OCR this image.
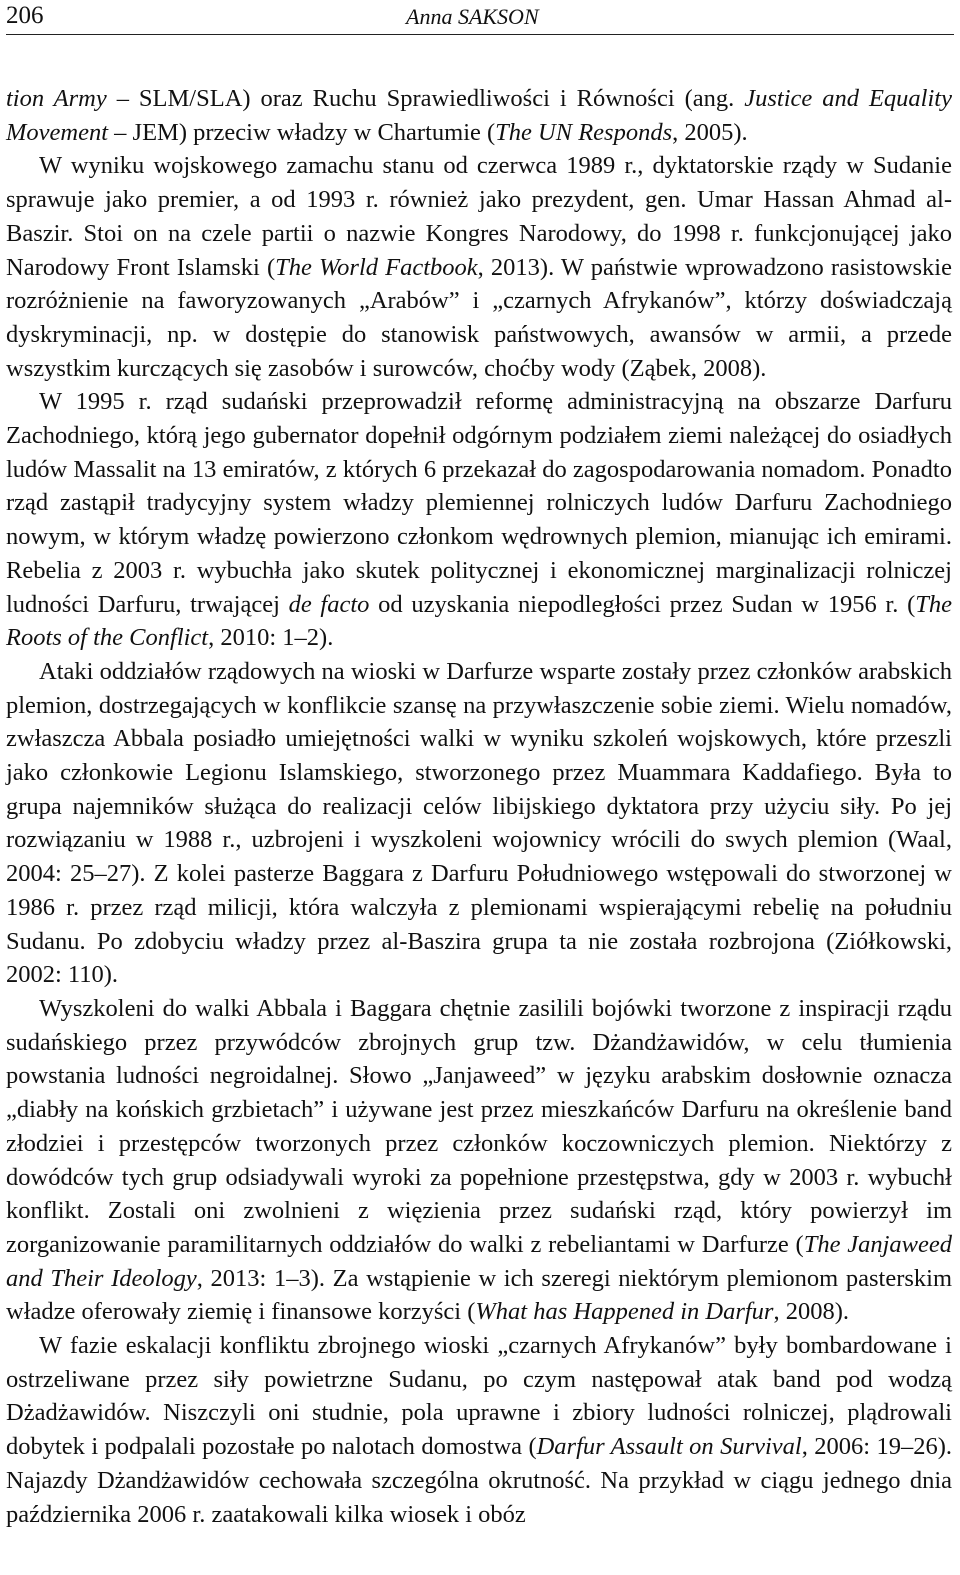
206	Anna SAKSON

tion Army – SLM/SLA) oraz Ruchu Sprawiedliwości i Równości (ang. Justice and Equality Movement – JEM) przeciw władzy w Chartumie (The UN Responds, 2005).

W wyniku wojskowego zamachu stanu od czerwca 1989 r., dyktatorskie rządy w Sudanie sprawuje jako premier, a od 1993 r. również jako prezydent, gen. Umar Hassan Ahmad al-Baszir. Stoi on na czele partii o nazwie Kongres Narodowy, do 1998 r. funkcjonującej jako Narodowy Front Islamski (The World Factbook, 2013). W państwie wprowadzono rasistowskie rozróżnienie na faworyzowanych „Arabów” i „czarnych Afrykanów”, którzy doświadczają dyskryminacji, np. w dostępie do stanowisk państwowych, awansów w armii, a przede wszystkim kurczących się zasobów i surowców, choćby wody (Ząbek, 2008).

W 1995 r. rząd sudański przeprowadził reformę administracyjną na obszarze Darfuru Zachodniego, którą jego gubernator dopełnił odgórnym podziałem ziemi należącej do osiadłych ludów Massalit na 13 emiratów, z których 6 przekazał do zagospodarowania nomadom. Ponadto rząd zastąpił tradycyjny system władzy plemiennej rolniczych ludów Darfuru Zachodniego nowym, w którym władzę powierzono członkom wędrownych plemion, mianując ich emirami. Rebelia z 2003 r. wybuchła jako skutek politycznej i ekonomicznej marginalizacji rolniczej ludności Darfuru, trwającej de facto od uzyskania niepodległości przez Sudan w 1956 r. (The Roots of the Conflict, 2010: 1–2).

Ataki oddziałów rządowych na wioski w Darfurze wsparte zostały przez członków arabskich plemion, dostrzegających w konflikcie szansę na przywłaszczenie sobie ziemi. Wielu nomadów, zwłaszcza Abbala posiadło umiejętności walki w wyniku szkoleń wojskowych, które przeszli jako członkowie Legionu Islamskiego, stworzonego przez Muammara Kaddafiego. Była to grupa najemników służąca do realizacji celów libijskiego dyktatora przy użyciu siły. Po jej rozwiązaniu w 1988 r., uzbrojeni i wyszkoleni wojownicy wrócili do swych plemion (Waal, 2004: 25–27). Z kolei pasterze Baggara z Darfuru Południowego wstępowali do stworzonej w 1986 r. przez rząd milicji, która walczyła z plemionami wspierającymi rebelię na południu Sudanu. Po zdobyciu władzy przez al-Baszira grupa ta nie została rozbrojona (Ziółkowski, 2002: 110).

Wyszkoleni do walki Abbala i Baggara chętnie zasilili bojówki tworzone z inspiracji rządu sudańskiego przez przywódców zbrojnych grup tzw. Dżandżawidów, w celu tłumienia powstania ludności negroidalnej. Słowo „Janjaweed” w języku arabskim dosłownie oznacza „diabły na końskich grzbietach” i używane jest przez mieszkańców Darfuru na określenie band złodziei i przestępców tworzonych przez członków koczowniczych plemion. Niektórzy z dowódców tych grup odsiadywali wyroki za popełnione przestępstwa, gdy w 2003 r. wybuchł konflikt. Zostali oni zwolnieni z więzienia przez sudański rząd, który powierzył im zorganizowanie paramilitarnych oddziałów do walki z rebeliantami w Darfurze (The Janjaweed and Their Ideology, 2013: 1–3). Za wstąpienie w ich szeregi niektórym plemionom pasterskim władze oferowały ziemię i finansowe korzyści (What has Happened in Darfur, 2008).

W fazie eskalacji konfliktu zbrojnego wioski „czarnych Afrykanów” były bombardowane i ostrzeliwane przez siły powietrzne Sudanu, po czym następował atak band pod wodzą Dżadżawidów. Niszczyli oni studnie, pola uprawne i zbiory ludności rolniczej, plądrowali dobytek i podpalali pozostałe po nalotach domostwa (Darfur Assault on Survival, 2006: 19–26). Najazdy Dżandżawidów cechowała szczególna okrutność. Na przykład w ciągu jednego dnia października 2006 r. zaatakowali kilka wiosek i obóz
